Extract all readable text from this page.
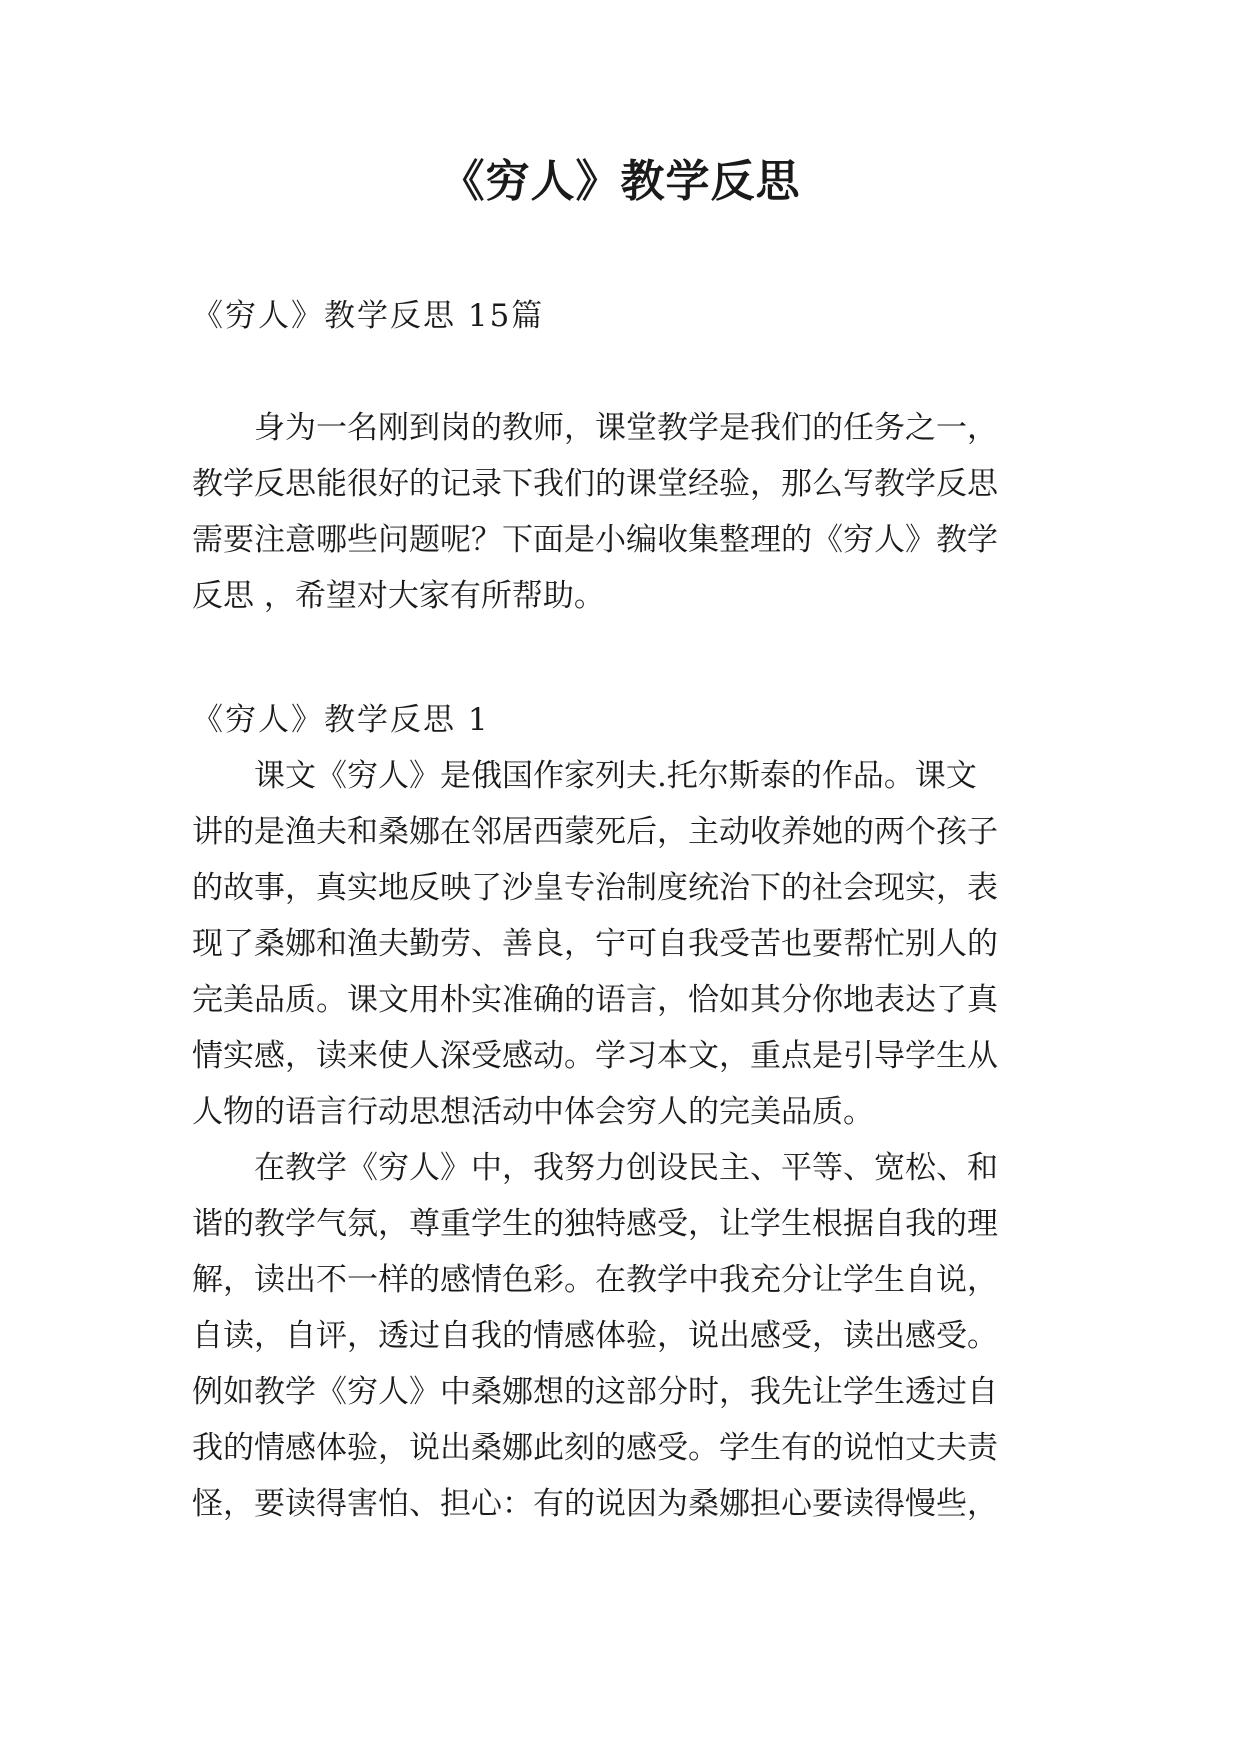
《穷人》教学反思
《穷人》教学反思 15篇
身为一名刚到岗的教师，课堂教学是我们的任务之一，
教学反思能很好的记录下我们的课堂经验，那么写教学反思
需要注意哪些问题呢？下面是小编收集整理的《穷人》教学
反思 ，希望对大家有所帮助。
《穷人》教学反思 1
课文《穷人》是俄国作家列夫.托尔斯泰的作品。课文
讲的是渔夫和桑娜在邻居西蒙死后，主动收养她的两个孩子
的故事，真实地反映了沙皇专治制度统治下的社会现实，表
现了桑娜和渔夫勤劳、善良，宁可自我受苦也要帮忙别人的
完美品质。课文用朴实准确的语言，恰如其分你地表达了真
情实感，读来使人深受感动。学习本文，重点是引导学生从
人物的语言行动思想活动中体会穷人的完美品质。
在教学《穷人》中，我努力创设民主、平等、宽松、和
谐的教学气氛，尊重学生的独特感受，让学生根据自我的理
解，读出不一样的感情色彩。在教学中我充分让学生自说，
自读，自评，透过自我的情感体验，说出感受，读出感受。
例如教学《穷人》中桑娜想的这部分时，我先让学生透过自
我的情感体验，说出桑娜此刻的感受。学生有的说怕丈夫责
怪，要读得害怕、担心：有的说因为桑娜担心要读得慢些，
